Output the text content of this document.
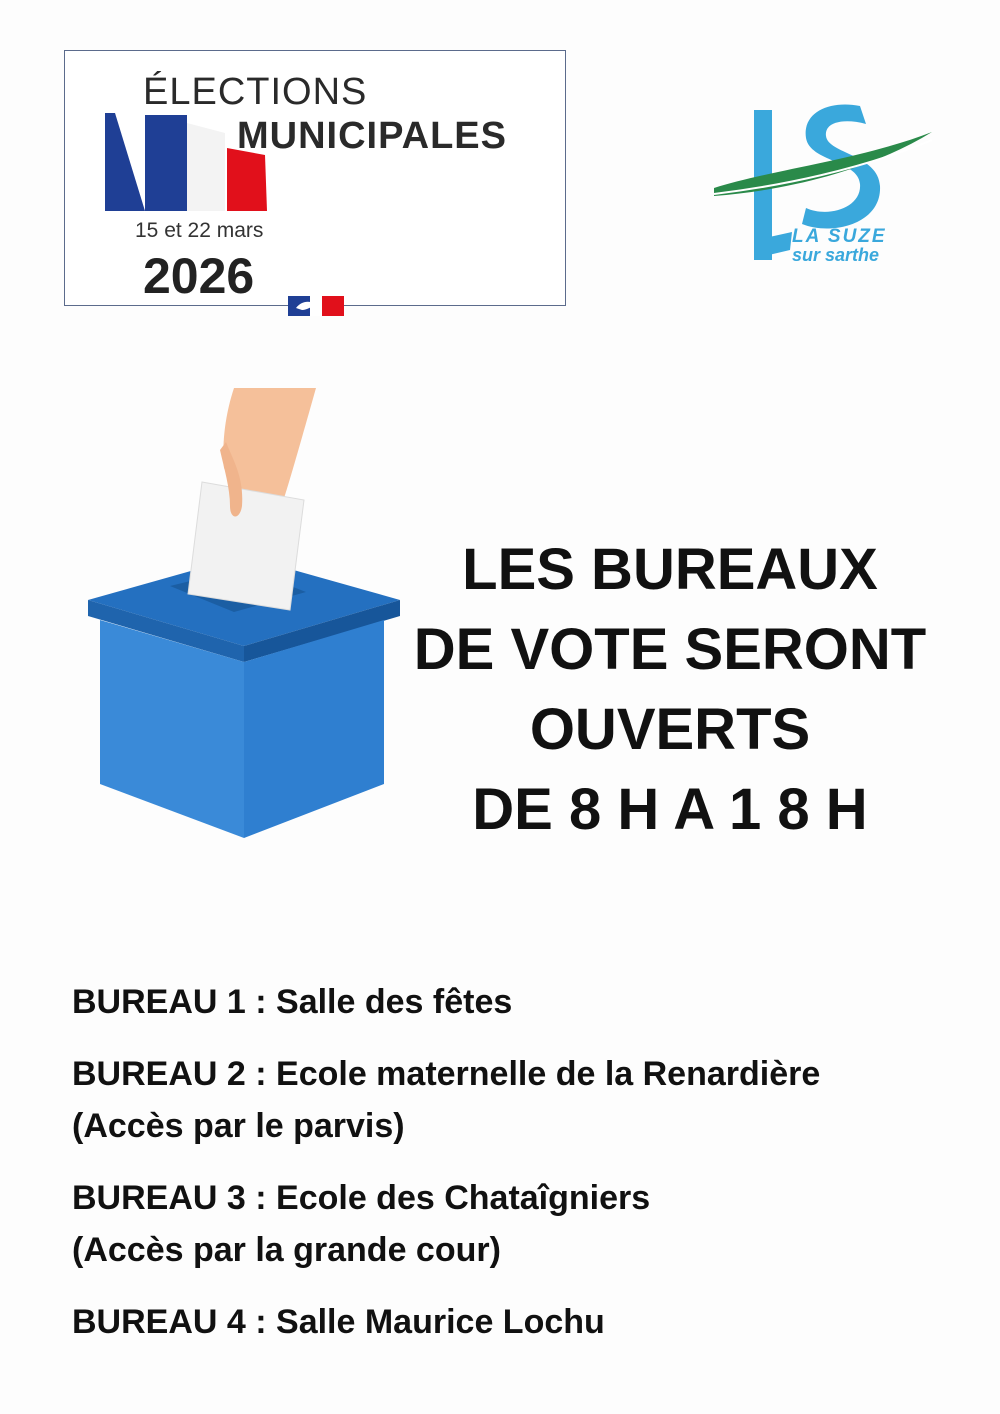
ÉLECTIONS
MUNICIPALES
15 et 22 mars
2026
LA SUZE
sur sarthe
LES BUREAUX
DE VOTE SERONT
OUVERTS
DE 8 H A 1 8 H
BUREAU 1 : Salle des fêtes
BUREAU 2 : Ecole maternelle de la Renardière
(Accès par le parvis)
BUREAU 3 : Ecole des Chataîgniers
(Accès par la grande cour)
BUREAU 4 : Salle Maurice Lochu
